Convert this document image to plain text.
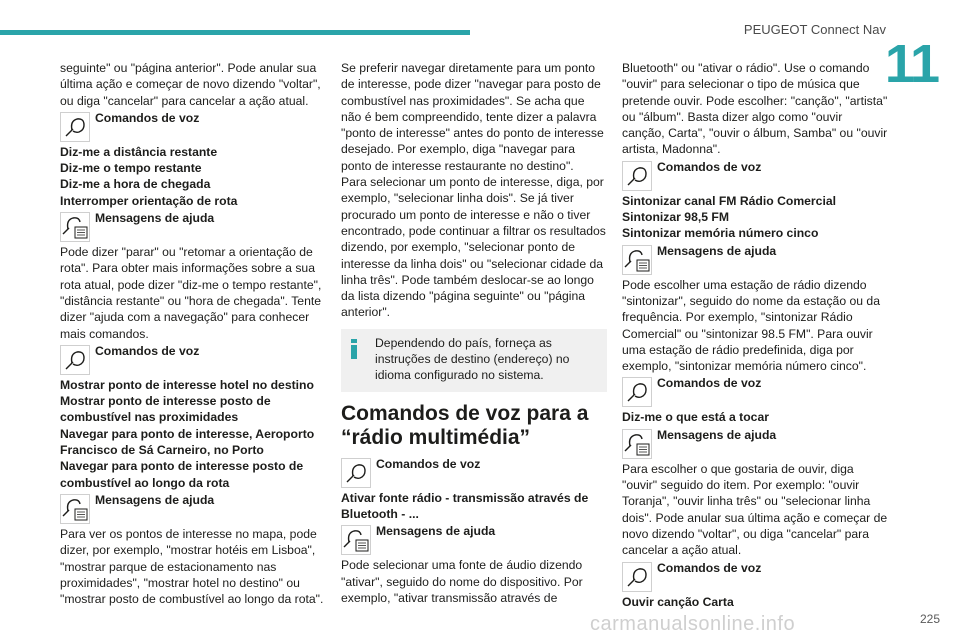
PEUGEOT Connect Nav
11

seguinte" ou "página anterior". Pode anular sua última ação e começar de novo dizendo "voltar", ou diga "cancelar" para cancelar a ação atual.

Comandos de voz

Diz-me a distância restante

Diz-me o tempo restante

Diz-me a hora de chegada

Interromper orientação de rota

Mensagens de ajuda

Pode dizer "parar" ou "retomar a orientação de rota". Para obter mais informações sobre a sua rota atual, pode dizer "diz-me o tempo restante", "distância restante" ou "hora de chegada". Tente dizer "ajuda com a navegação" para conhecer mais comandos.

Comandos de voz

Mostrar ponto de interesse hotel no destino

Mostrar ponto de interesse posto de combustível nas proximidades

Navegar para ponto de interesse, Aeroporto Francisco de Sá Carneiro, no Porto

Navegar para ponto de interesse posto de combustível ao longo da rota

Mensagens de ajuda

Para ver os pontos de interesse no mapa, pode dizer, por exemplo, "mostrar hotéis em Lisboa", "mostrar parque de estacionamento nas proximidades", "mostrar hotel no destino" ou "mostrar posto de combustível ao longo da rota".

Se preferir navegar diretamente para um ponto de interesse, pode dizer "navegar para posto de combustível nas proximidades". Se acha que não é bem compreendido, tente dizer a palavra "ponto de interesse" antes do ponto de interesse desejado. Por exemplo, diga "navegar para ponto de interesse restaurante no destino".

Para selecionar um ponto de interesse, diga, por exemplo, "selecionar linha dois". Se já tiver procurado um ponto de interesse e não o tiver encontrado, pode continuar a filtrar os resultados dizendo, por exemplo, "selecionar ponto de interesse da linha dois" ou "selecionar cidade da linha três". Pode também deslocar-se ao longo da lista dizendo "página seguinte" ou "página anterior".

Dependendo do país, forneça as instruções de destino (endereço) no idioma configurado no sistema.

Comandos de voz para a “rádio multimédia”
Comandos de voz

Ativar fonte rádio - transmissão através de Bluetooth - ...

Mensagens de ajuda

Pode selecionar uma fonte de áudio dizendo "ativar", seguido do nome do dispositivo. Por exemplo, "ativar transmissão através de

Bluetooth" ou "ativar o rádio". Use o comando "ouvir" para selecionar o tipo de música que pretende ouvir. Pode escolher: "canção", "artista" ou "álbum". Basta dizer algo como "ouvir canção, Carta", "ouvir o álbum, Samba" ou "ouvir artista, Madonna".

Comandos de voz

Sintonizar canal FM Rádio Comercial

Sintonizar 98,5 FM

Sintonizar memória número cinco

Mensagens de ajuda

Pode escolher uma estação de rádio dizendo "sintonizar", seguido do nome da estação ou da frequência. Por exemplo, "sintonizar Rádio Comercial" ou "sintonizar 98.5 FM". Para ouvir uma estação de rádio predefinida, diga por exemplo, "sintonizar memória número cinco".

Comandos de voz

Diz-me o que está a tocar

Mensagens de ajuda

Para escolher o que gostaria de ouvir, diga "ouvir" seguido do item. Por exemplo: "ouvir Toranja", "ouvir linha três" ou "selecionar linha dois". Pode anular sua última ação e começar de novo dizendo "voltar", ou diga "cancelar" para cancelar a ação atual.

Comandos de voz

Ouvir canção Carta

carmanualsonline.info	225
